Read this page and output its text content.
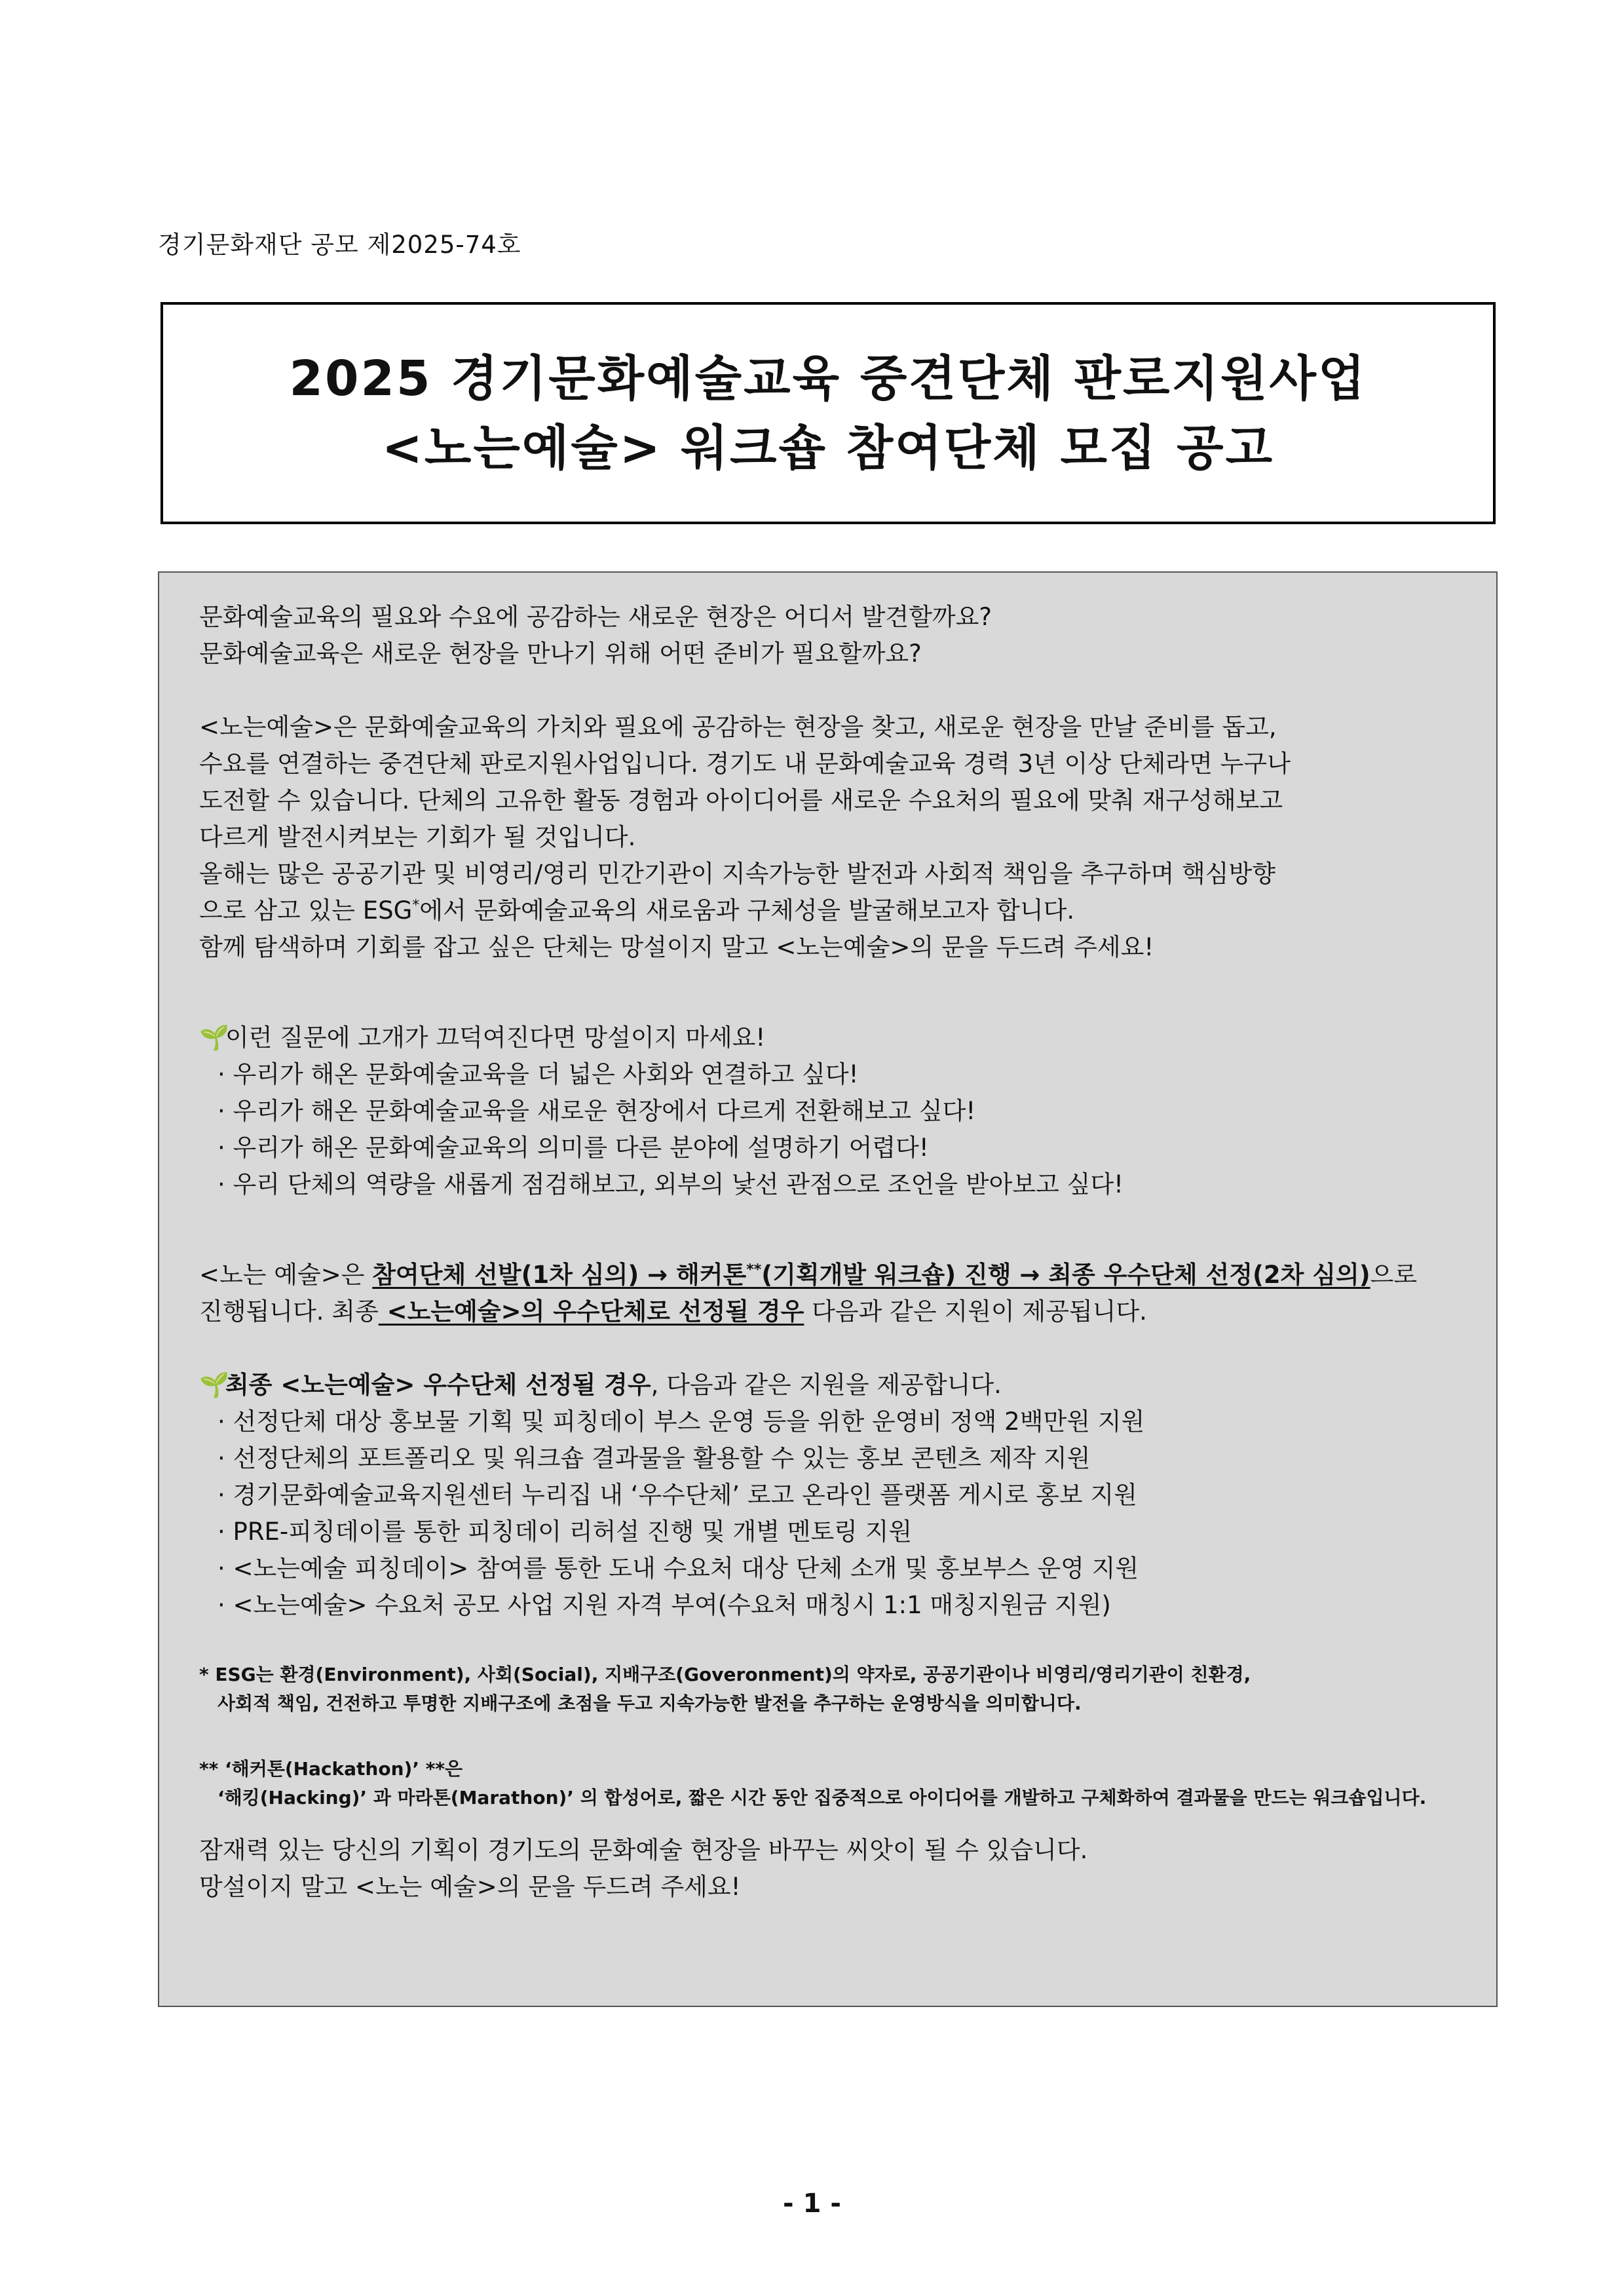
경기문화재단 공모 제2025-74호
2025 경기문화예술교육 중견단체 판로지원사업
<노는예술> 워크숍 참여단체 모집 공고

문화예술교육의 필요와 수요에 공감하는 새로운 현장은 어디서 발견할까요?

문화예술교육은 새로운 현장을 만나기 위해 어떤 준비가 필요할까요?

<노는예술>은 문화예술교육의 가치와 필요에 공감하는 현장을 찾고, 새로운 현장을 만날 준비를 돕고,

수요를 연결하는 중견단체 판로지원사업입니다. 경기도 내 문화예술교육 경력 3년 이상 단체라면 누구나

도전할 수 있습니다. 단체의 고유한 활동 경험과 아이디어를 새로운 수요처의 필요에 맞춰 재구성해보고

다르게 발전시켜보는 기회가 될 것입니다.

올해는 많은 공공기관 및 비영리/영리 민간기관이 지속가능한 발전과 사회적 책임을 추구하며 핵심방향

으로 삼고 있는 ESG*에서 문화예술교육의 새로움과 구체성을 발굴해보고자 합니다.

함께 탐색하며 기회를 잡고 싶은 단체는 망설이지 말고 <노는예술>의 문을 두드려 주세요!

🌱이런 질문에 고개가 끄덕여진다면 망설이지 마세요!

· 우리가 해온 문화예술교육을 더 넓은 사회와 연결하고 싶다!

· 우리가 해온 문화예술교육을 새로운 현장에서 다르게 전환해보고 싶다!

· 우리가 해온 문화예술교육의 의미를 다른 분야에 설명하기 어렵다!

· 우리 단체의 역량을 새롭게 점검해보고, 외부의 낯선 관점으로 조언을 받아보고 싶다!

<노는 예술>은 참여단체 선발(1차 심의) → 해커톤**(기획개발 워크숍) 진행 → 최종 우수단체 선정(2차 심의)으로

진행됩니다. 최종 <노는예술>의 우수단체로 선정될 경우 다음과 같은 지원이 제공됩니다.

🌱최종 <노는예술> 우수단체 선정될 경우, 다음과 같은 지원을 제공합니다.

· 선정단체 대상 홍보물 기획 및 피칭데이 부스 운영 등을 위한 운영비 정액 2백만원 지원

· 선정단체의 포트폴리오 및 워크숍 결과물을 활용할 수 있는 홍보 콘텐츠 제작 지원

· 경기문화예술교육지원센터 누리집 내 ‘우수단체’ 로고 온라인 플랫폼 게시로 홍보 지원

· PRE-피칭데이를 통한 피칭데이 리허설 진행 및 개별 멘토링 지원

· <노는예술 피칭데이> 참여를 통한 도내 수요처 대상 단체 소개 및 홍보부스 운영 지원

· <노는예술> 수요처 공모 사업 지원 자격 부여(수요처 매칭시 1:1 매칭지원금 지원)

* ESG는 환경(Environment), 사회(Social), 지배구조(Goveronment)의 약자로, 공공기관이나 비영리/영리기관이 친환경,

사회적 책임, 건전하고 투명한 지배구조에 초점을 두고 지속가능한 발전을 추구하는 운영방식을 의미합니다.

** ‘해커톤(Hackathon)’ **은

‘해킹(Hacking)’ 과 마라톤(Marathon)’ 의 합성어로, 짧은 시간 동안 집중적으로 아이디어를 개발하고 구체화하여 결과물을 만드는 워크숍입니다.

잠재력 있는 당신의 기획이 경기도의 문화예술 현장을 바꾸는 씨앗이 될 수 있습니다.

망설이지 말고 <노는 예술>의 문을 두드려 주세요!

- 1 -
